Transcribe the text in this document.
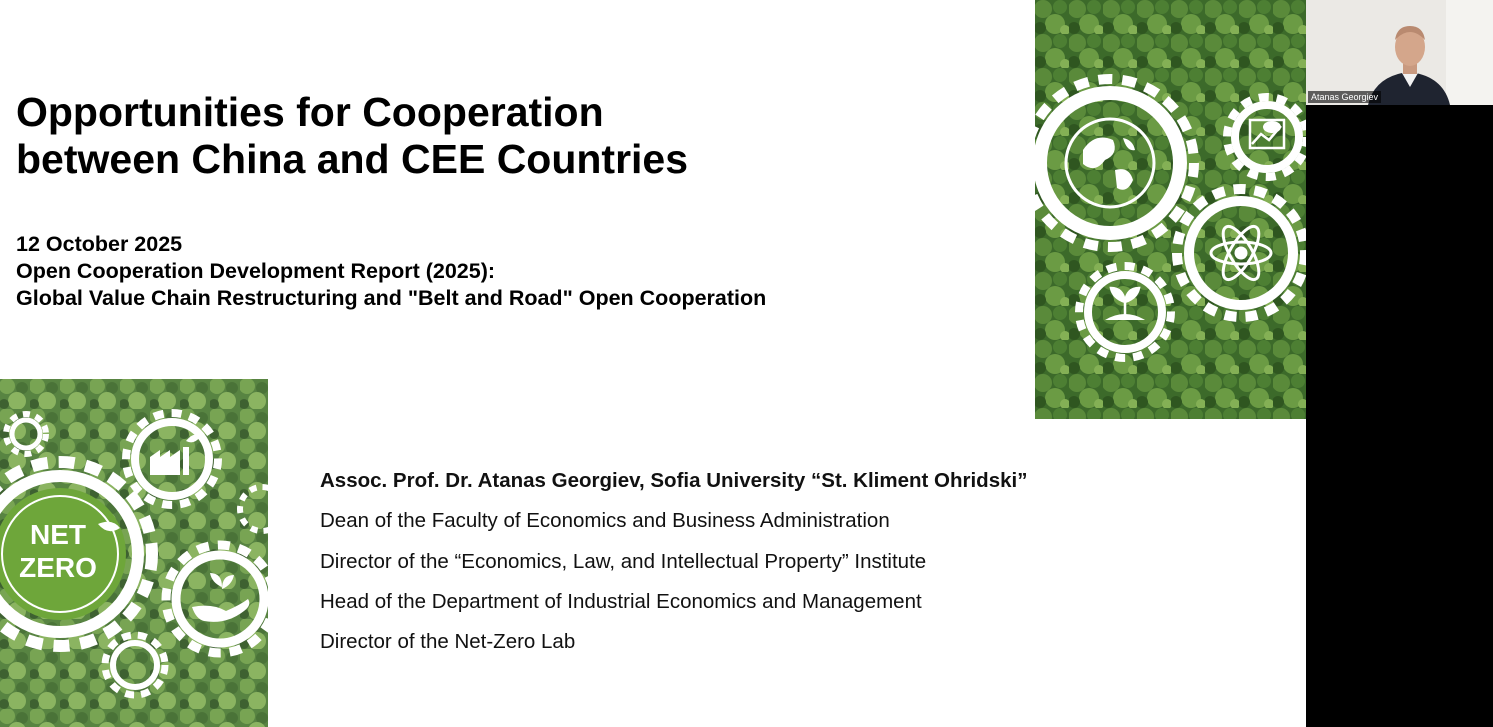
Opportunities for Cooperation
between China and CEE Countries
12 October 2025
Open Cooperation Development Report (2025):
Global Value Chain Restructuring and "Belt and Road" Open Cooperation
Assoc. Prof. Dr. Atanas Georgiev, Sofia University “St. Kliment Ohridski”
Dean of the Faculty of Economics and Business Administration
Director of the “Economics, Law, and Intellectual Property” Institute
Head of the Department of Industrial Economics and Management
Director of the Net-Zero Lab
NET
ZERO
Atanas Georgiev
